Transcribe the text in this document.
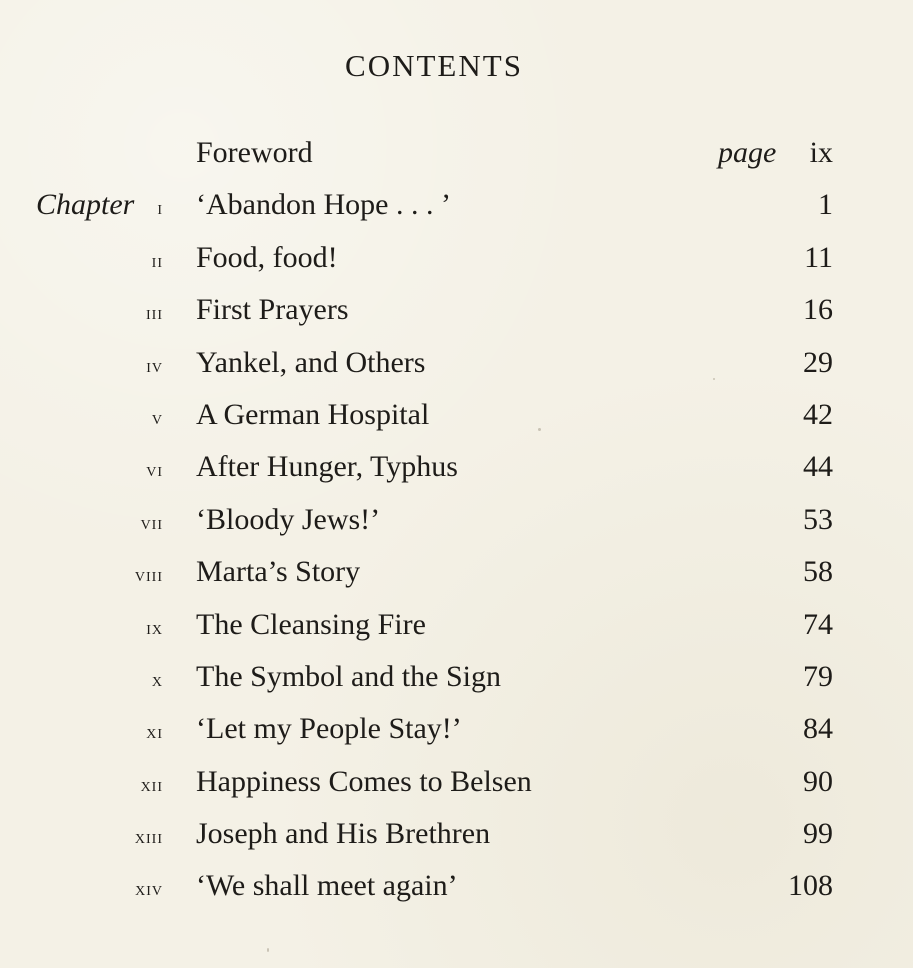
CONTENTS
Foreword	page ix
Chapter i ‘Abandon Hope . . . ’	1
ii Food, food!	11
iii First Prayers	16
iv Yankel, and Others	29
v A German Hospital	42
vi After Hunger, Typhus	44
vii ‘Bloody Jews!’	53
viii Marta’s Story	58
ix The Cleansing Fire	74
x The Symbol and the Sign	79
xi ‘Let my People Stay!’	84
xii Happiness Comes to Belsen	90
xiii Joseph and His Brethren	99
xiv ‘We shall meet again’	108
